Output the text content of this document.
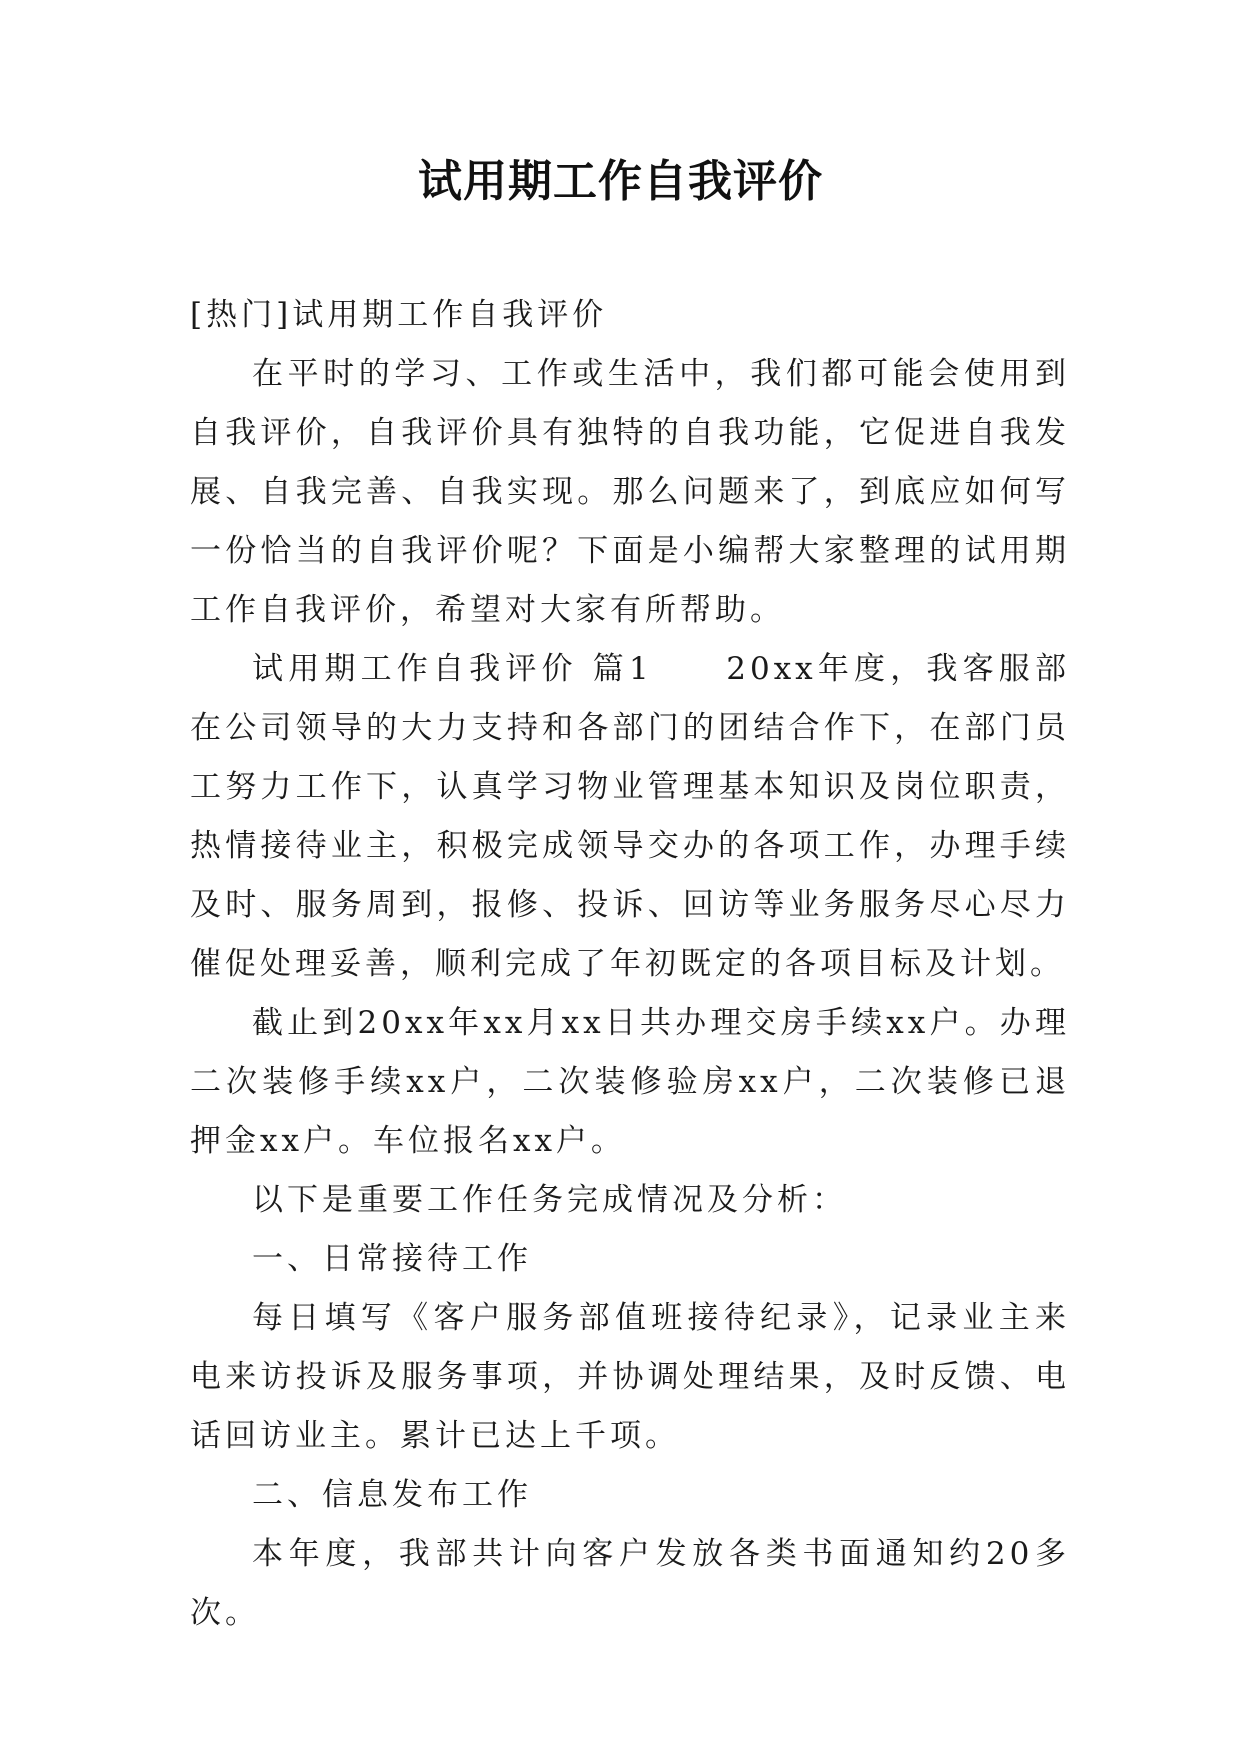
试用期工作自我评价

[热门]试用期工作自我评价

在平时的学习、工作或生活中，我们都可能会使用到自我评价，自我评价具有独特的自我功能，它促进自我发展、自我完善、自我实现。那么问题来了，到底应如何写一份恰当的自我评价呢？下面是小编帮大家整理的试用期工作自我评价，希望对大家有所帮助。

试用期工作自我评价 篇1　　20xx年度，我客服部在公司领导的大力支持和各部门的团结合作下，在部门员工努力工作下，认真学习物业管理基本知识及岗位职责，热情接待业主，积极完成领导交办的各项工作，办理手续及时、服务周到，报修、投诉、回访等业务服务尽心尽力催促处理妥善，顺利完成了年初既定的各项目标及计划。

截止到20xx年xx月xx日共办理交房手续xx户。办理二次装修手续xx户，二次装修验房xx户，二次装修已退押金xx户。车位报名xx户。

以下是重要工作任务完成情况及分析：

一、日常接待工作

每日填写《客户服务部值班接待纪录》，记录业主来电来访投诉及服务事项，并协调处理结果，及时反馈、电话回访业主。累计已达上千项。

二、信息发布工作

本年度，我部共计向客户发放各类书面通知约20多次。
